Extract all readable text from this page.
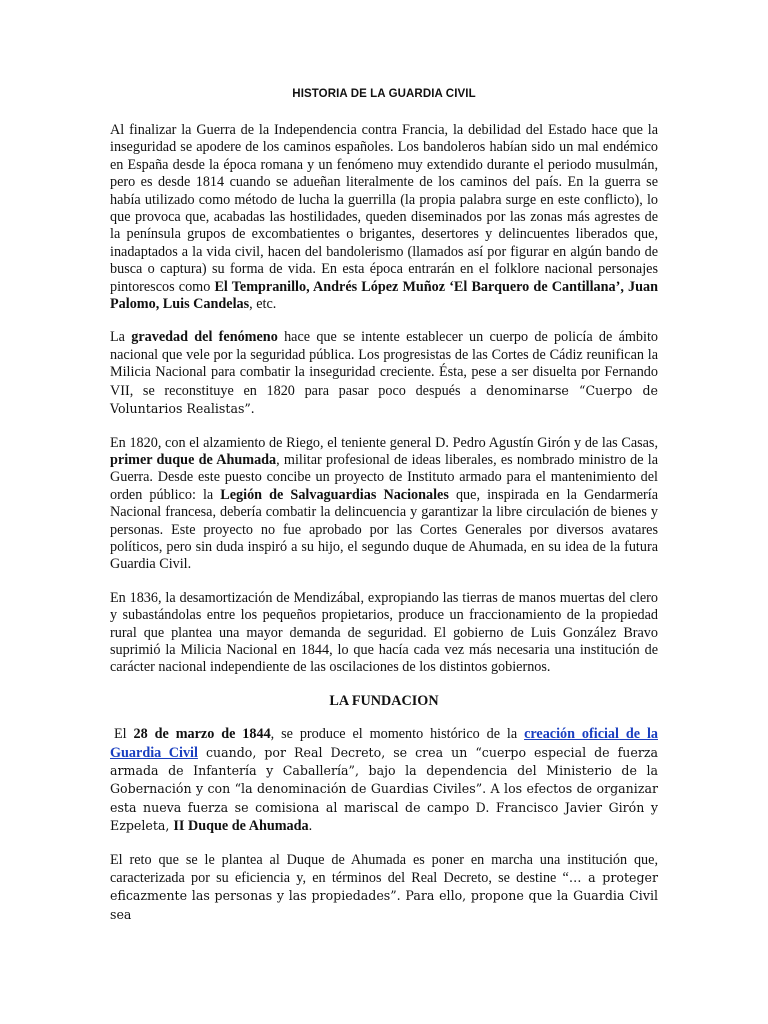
HISTORIA DE LA GUARDIA CIVIL

Al finalizar la Guerra de la Independencia contra Francia, la debilidad del Estado hace que la inseguridad se apodere de los caminos españoles. Los bandoleros habían sido un mal endémico en España desde la época romana y un fenómeno muy extendido durante el periodo musulmán, pero es desde 1814 cuando se adueñan literalmente de los caminos del país. En la guerra se había utilizado como método de lucha la guerrilla (la propia palabra surge en este conflicto), lo que provoca que, acabadas las hostilidades, queden diseminados por las zonas más agrestes de la península grupos de excombatientes o brigantes, desertores y delincuentes liberados que, inadaptados a la vida civil, hacen del bandolerismo (llamados así por figurar en algún bando de busca o captura) su forma de vida. En esta época entrarán en el folklore nacional personajes pintorescos como El Tempranillo, Andrés López Muñoz ‘El Barquero de Cantillana’, Juan Palomo, Luis Candelas, etc.

La gravedad del fenómeno hace que se intente establecer un cuerpo de policía de ámbito nacional que vele por la seguridad pública. Los progresistas de las Cortes de Cádiz reunifican la Milicia Nacional para combatir la inseguridad creciente. Ésta, pese a ser disuelta por Fernando VII, se reconstituye en 1820 para pasar poco después a denominarse “Cuerpo de Voluntarios Realistas”.

En 1820, con el alzamiento de Riego, el teniente general D. Pedro Agustín Girón y de las Casas, primer duque de Ahumada, militar profesional de ideas liberales, es nombrado ministro de la Guerra. Desde este puesto concibe un proyecto de Instituto armado para el mantenimiento del orden público: la Legión de Salvaguardias Nacionales que, inspirada en la Gendarmería Nacional francesa, debería combatir la delincuencia y garantizar la libre circulación de bienes y personas. Este proyecto no fue aprobado por las Cortes Generales por diversos avatares políticos, pero sin duda inspiró a su hijo, el segundo duque de Ahumada, en su idea de la futura Guardia Civil.

En 1836, la desamortización de Mendizábal, expropiando las tierras de manos muertas del clero y subastándolas entre los pequeños propietarios, produce un fraccionamiento de la propiedad rural que plantea una mayor demanda de seguridad. El gobierno de Luis González Bravo suprimió la Milicia Nacional en 1844, lo que hacía cada vez más necesaria una institución de carácter nacional independiente de las oscilaciones de los distintos gobiernos.

LA FUNDACION

El 28 de marzo de 1844, se produce el momento histórico de la creación oficial de la Guardia Civil cuando, por Real Decreto, se crea un “cuerpo especial de fuerza armada de Infantería y Caballería”, bajo la dependencia del Ministerio de la Gobernación y con “la denominación de Guardias Civiles”. A los efectos de organizar esta nueva fuerza se comisiona al mariscal de campo D. Francisco Javier Girón y Ezpeleta, II Duque de Ahumada.

El reto que se le plantea al Duque de Ahumada es poner en marcha una institución que, caracterizada por su eficiencia y, en términos del Real Decreto, se destine “… a proteger eficazmente las personas y las propiedades”. Para ello, propone que la Guardia Civil sea
